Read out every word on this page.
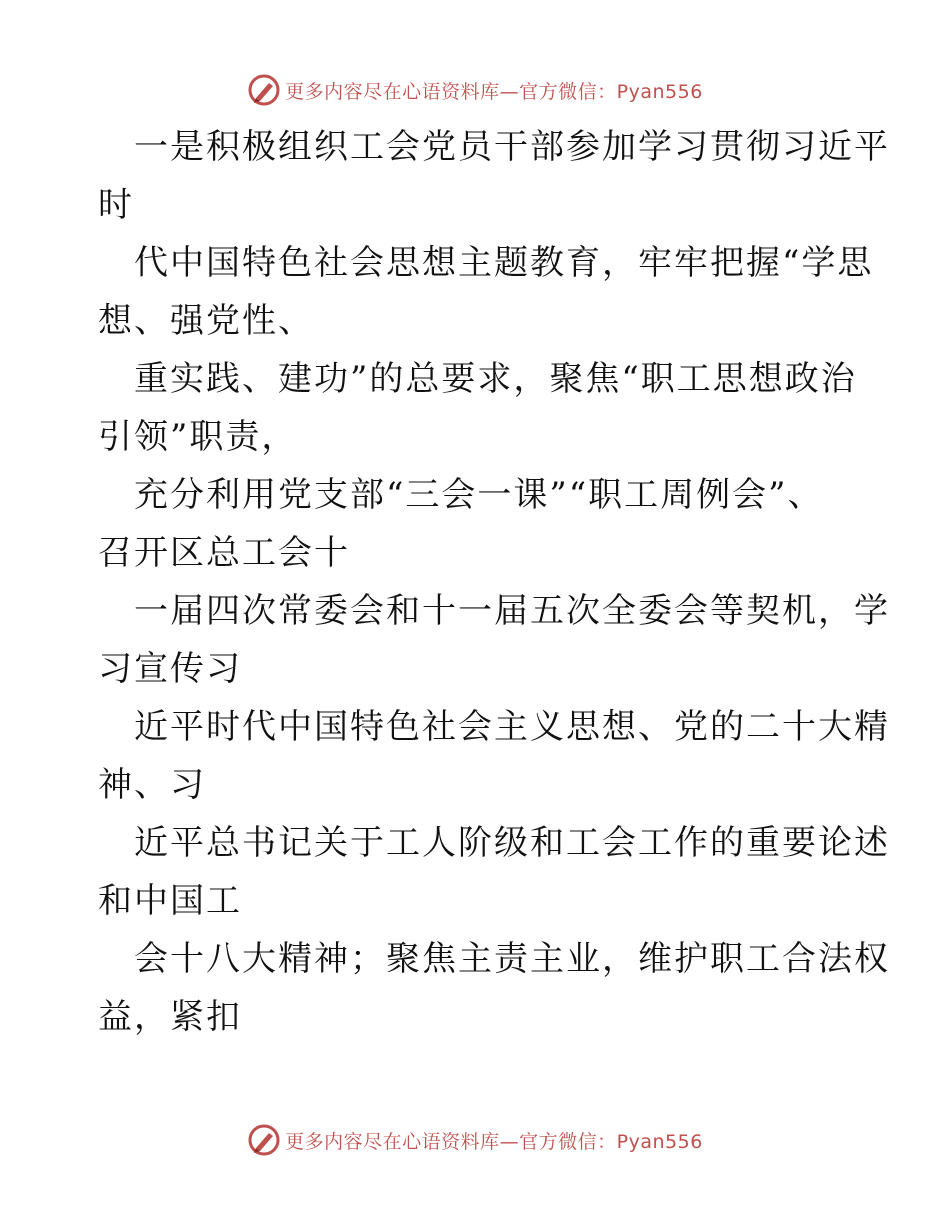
更多内容尽在心语资料库—官方微信：Pyan556
一是积极组织工会党员干部参加学习贯彻习近平
时
代中国特色社会思想主题教育，牢牢把握“学思
想、强党性、
重实践、建功”的总要求，聚焦“职工思想政治
引领”职责，
充分利用党支部“三会一课”“职工周例会”、
召开区总工会十
一届四次常委会和十一届五次全委会等契机，学
习宣传习
近平时代中国特色社会主义思想、党的二十大精
神、习
近平总书记关于工人阶级和工会工作的重要论述
和中国工
会十八大精神；聚焦主责主业，维护职工合法权
益，紧扣
更多内容尽在心语资料库—官方微信：Pyan556
